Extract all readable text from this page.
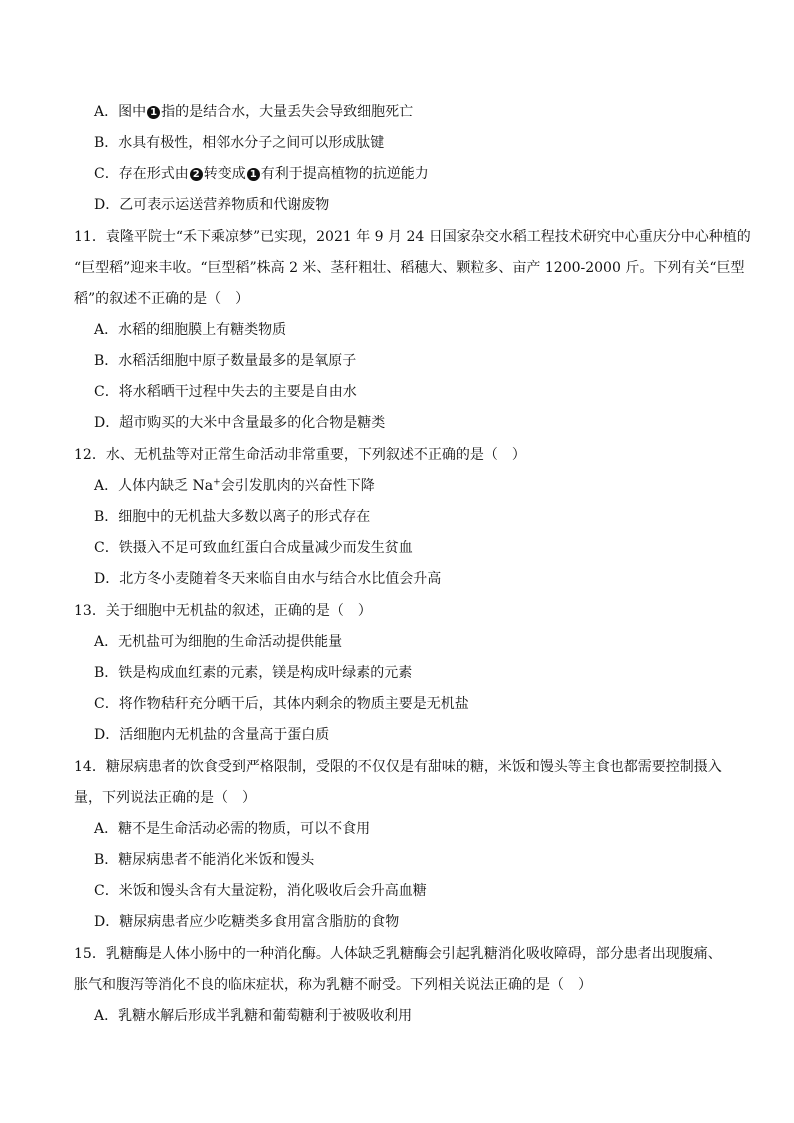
A．图中 1 指的是结合水，大量丢失会导致细胞死亡
B．水具有极性，相邻水分子之间可以形成肽键
C．存在形式由 2 转变成 1 有利于提高植物的抗逆能力
D．乙可表示运送营养物质和代谢废物
11．袁隆平院士“禾下乘凉梦”已实现，2021 年 9 月 24 日国家杂交水稻工程技术研究中心重庆分中心种植的
“巨型稻”迎来丰收。“巨型稻”株高 2 米、茎秆粗壮、稻穗大、颗粒多、亩产 1200-2000 斤。下列有关“巨型
稻”的叙述不正确的是（　）
A．水稻的细胞膜上有糖类物质
B．水稻活细胞中原子数量最多的是氧原子
C．将水稻晒干过程中失去的主要是自由水
D．超市购买的大米中含量最多的化合物是糖类
12．水、无机盐等对正常生命活动非常重要，下列叙述不正确的是（　）
A．人体内缺乏 Na+会引发肌肉的兴奋性下降
B．细胞中的无机盐大多数以离子的形式存在
C．铁摄入不足可致血红蛋白合成量减少而发生贫血
D．北方冬小麦随着冬天来临自由水与结合水比值会升高
13．关于细胞中无机盐的叙述，正确的是（　）
A．无机盐可为细胞的生命活动提供能量
B．铁是构成血红素的元素，镁是构成叶绿素的元素
C．将作物秸秆充分晒干后，其体内剩余的物质主要是无机盐
D．活细胞内无机盐的含量高于蛋白质
14．糖尿病患者的饮食受到严格限制，受限的不仅仅是有甜味的糖，米饭和馒头等主食也都需要控制摄入
量，下列说法正确的是（　）
A．糖不是生命活动必需的物质，可以不食用
B．糖尿病患者不能消化米饭和馒头
C．米饭和馒头含有大量淀粉，消化吸收后会升高血糖
D．糖尿病患者应少吃糖类多食用富含脂肪的食物
15．乳糖酶是人体小肠中的一种消化酶。人体缺乏乳糖酶会引起乳糖消化吸收障碍，部分患者出现腹痛、
胀气和腹泻等消化不良的临床症状，称为乳糖不耐受。下列相关说法正确的是（　）
A．乳糖水解后形成半乳糖和葡萄糖利于被吸收利用
